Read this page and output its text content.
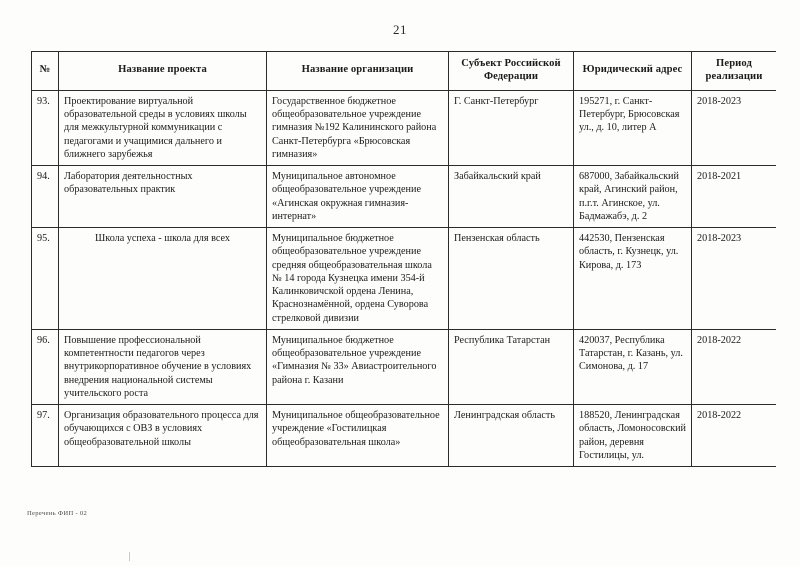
21
№	Название проекта	Название организации	Субъект Российской Федерации	Юридический адрес	Период реализации
93.	Проектирование виртуальной образовательной среды в условиях школы для межкультурной коммуникации с педагогами и учащимися дальнего и ближнего зарубежья	Государственное бюджетное общеобразовательное учреждение гимназия №192 Калининского района Санкт-Петербурга «Брюсовская гимназия»	Г. Санкт-Петербург	195271, г. Санкт-Петербург, Брюсовская ул., д. 10, литер А	2018-2023
94.	Лаборатория деятельностных образовательных практик	Муниципальное автономное общеобразовательное учреждение «Агинская окружная гимназия-интернат»	Забайкальский край	687000, Забайкальский край, Агинский район, п.г.т. Агинское, ул. Бадмажабэ, д. 2	2018-2021
95.	Школа успеха - школа для всех	Муниципальное бюджетное общеобразовательное учреждение средняя общеобразовательная школа № 14 города Кузнецка имени 354-й Калинковичской ордена Ленина, Краснознамённой, ордена Суворова стрелковой дивизии	Пензенская область	442530, Пензенская область, г. Кузнецк, ул. Кирова, д. 173	2018-2023
96.	Повышение профессиональной компетентности педагогов через внутрикорпоративное обучение в условиях внедрения национальной системы учительского роста	Муниципальное бюджетное общеобразовательное учреждение «Гимназия № 33» Авиастроительного района г. Казани	Республика Татарстан	420037, Республика Татарстан, г. Казань, ул. Симонова, д. 17	2018-2022
97.	Организация образовательного процесса для обучающихся с ОВЗ в условиях общеобразовательной школы	Муниципальное общеобразовательное учреждение «Гостилицкая общеобразовательная школа»	Ленинградская область	188520, Ленинградская область, Ломоносовский район, деревня Гостилицы, ул.	2018-2022
Перечень ФИП - 02
